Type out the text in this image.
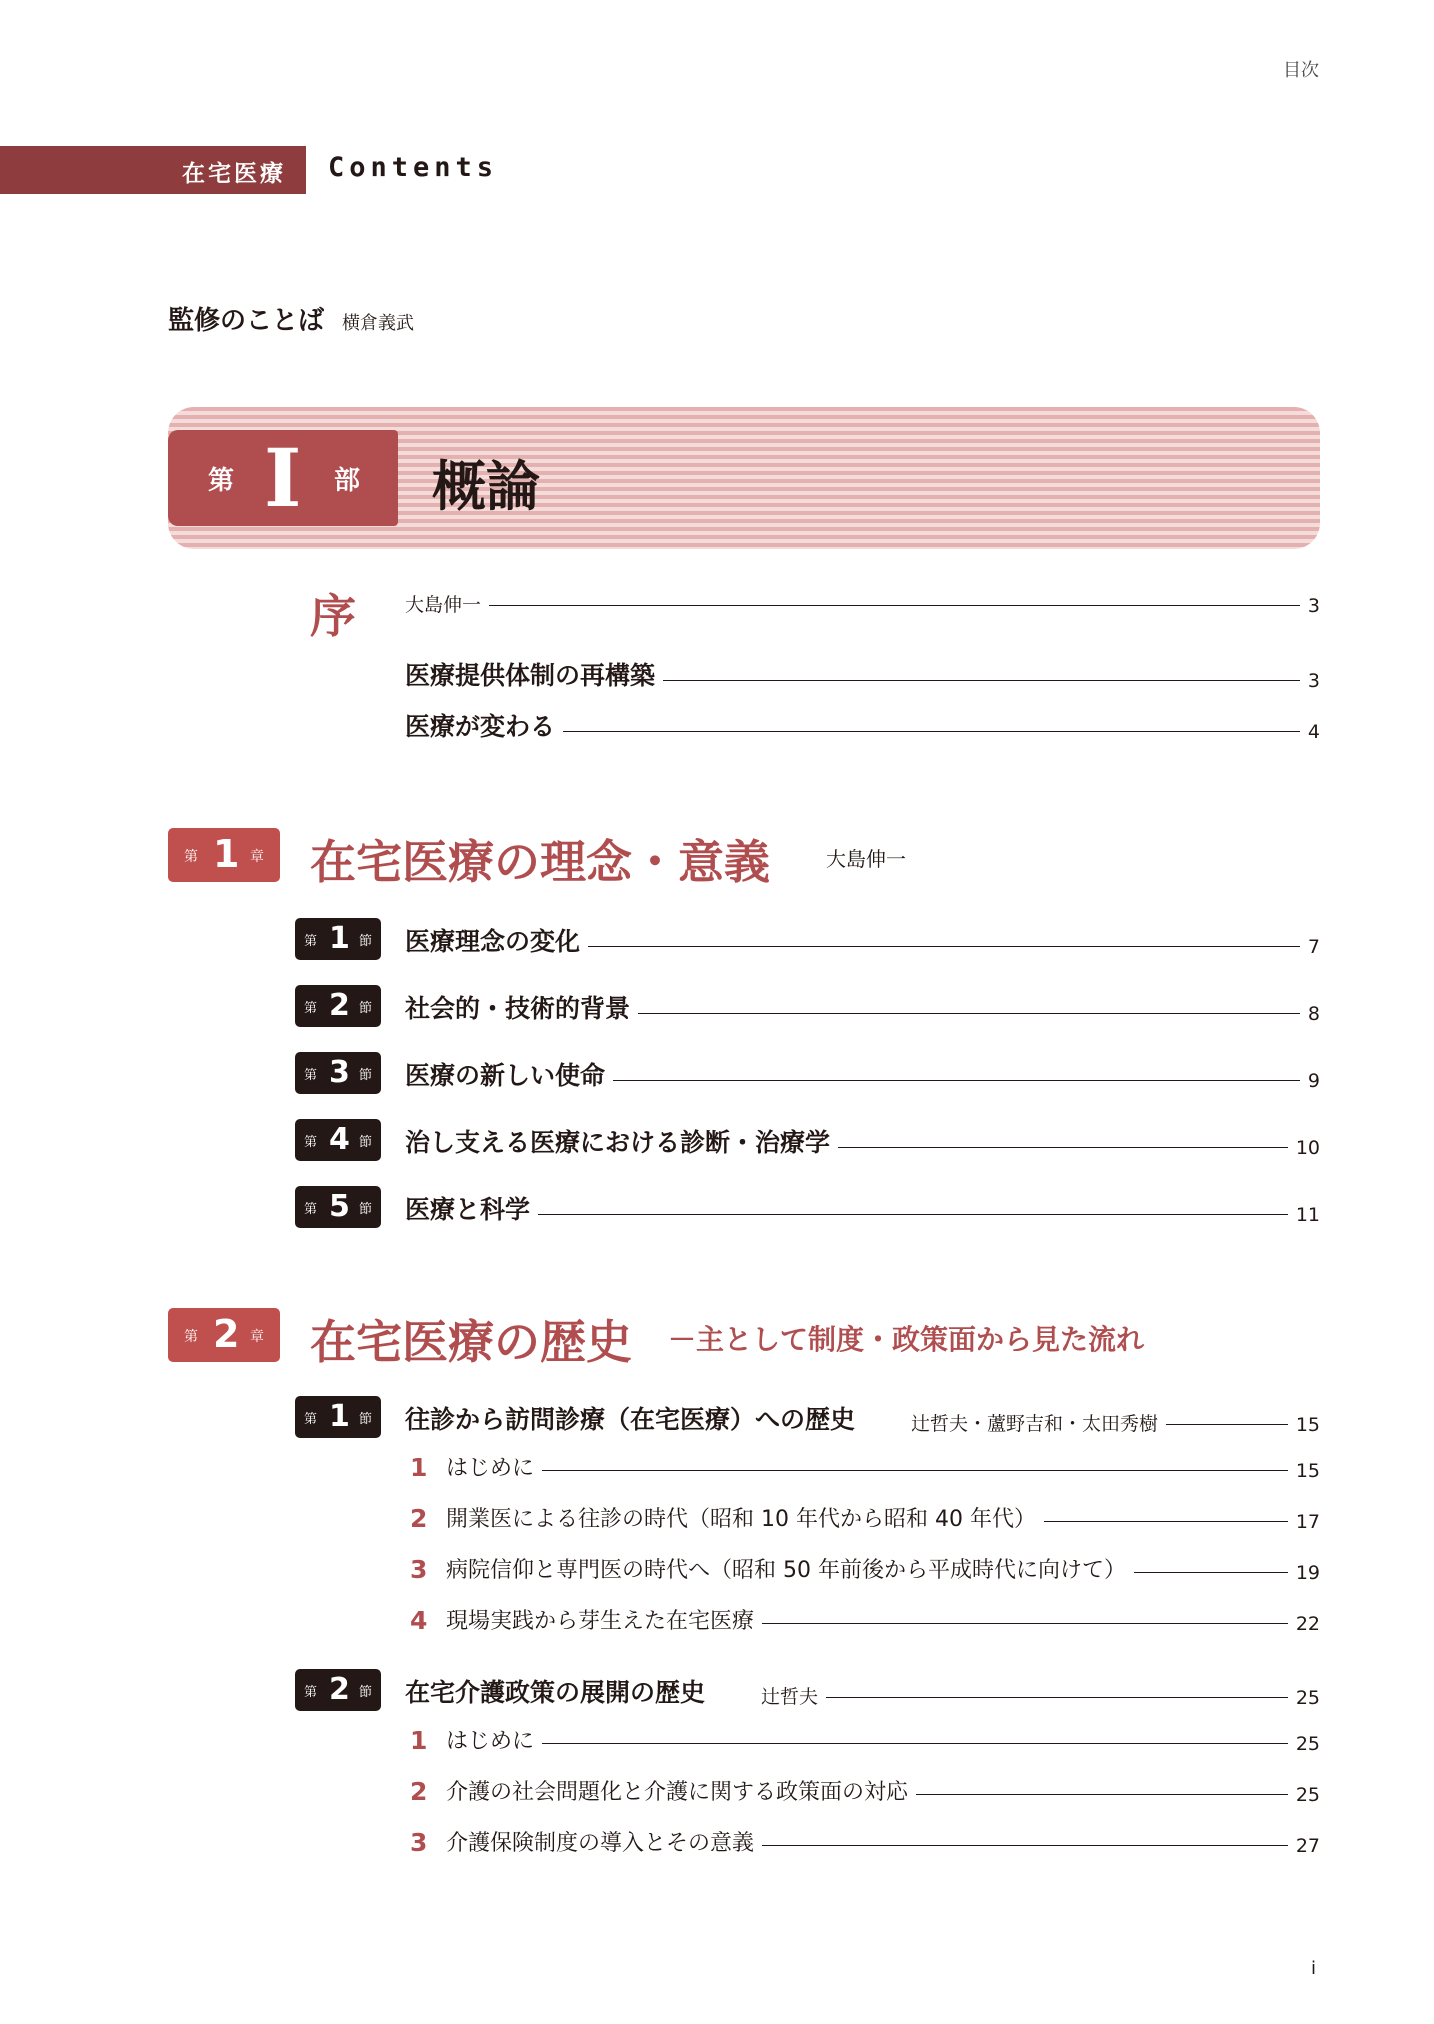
目次
在宅医療 Contents
監修のことば 横倉義武
第 I 部 概論
序	大島伸一	3
医療提供体制の再構築	3
医療が変わる	4
第 1 章 在宅医療の理念・意義	大島伸一
第 1 節 医療理念の変化	7
第 2 節 社会的・技術的背景	8
第 3 節 医療の新しい使命	9
第 4 節 治し支える医療における診断・治療学	10
第 5 節 医療と科学	11
第 2 章 在宅医療の歴史 －主として制度・政策面から見た流れ
第 1 節 往診から訪問診療（在宅医療）への歴史	辻哲夫・蘆野吉和・太田秀樹	15
1 はじめに	15
2 開業医による往診の時代（昭和 10 年代から昭和 40 年代）	17
3 病院信仰と専門医の時代へ（昭和 50 年前後から平成時代に向けて）	19
4 現場実践から芽生えた在宅医療	22
第 2 節 在宅介護政策の展開の歴史	辻哲夫	25
1 はじめに	25
2 介護の社会問題化と介護に関する政策面の対応	25
3 介護保険制度の導入とその意義	27
i
